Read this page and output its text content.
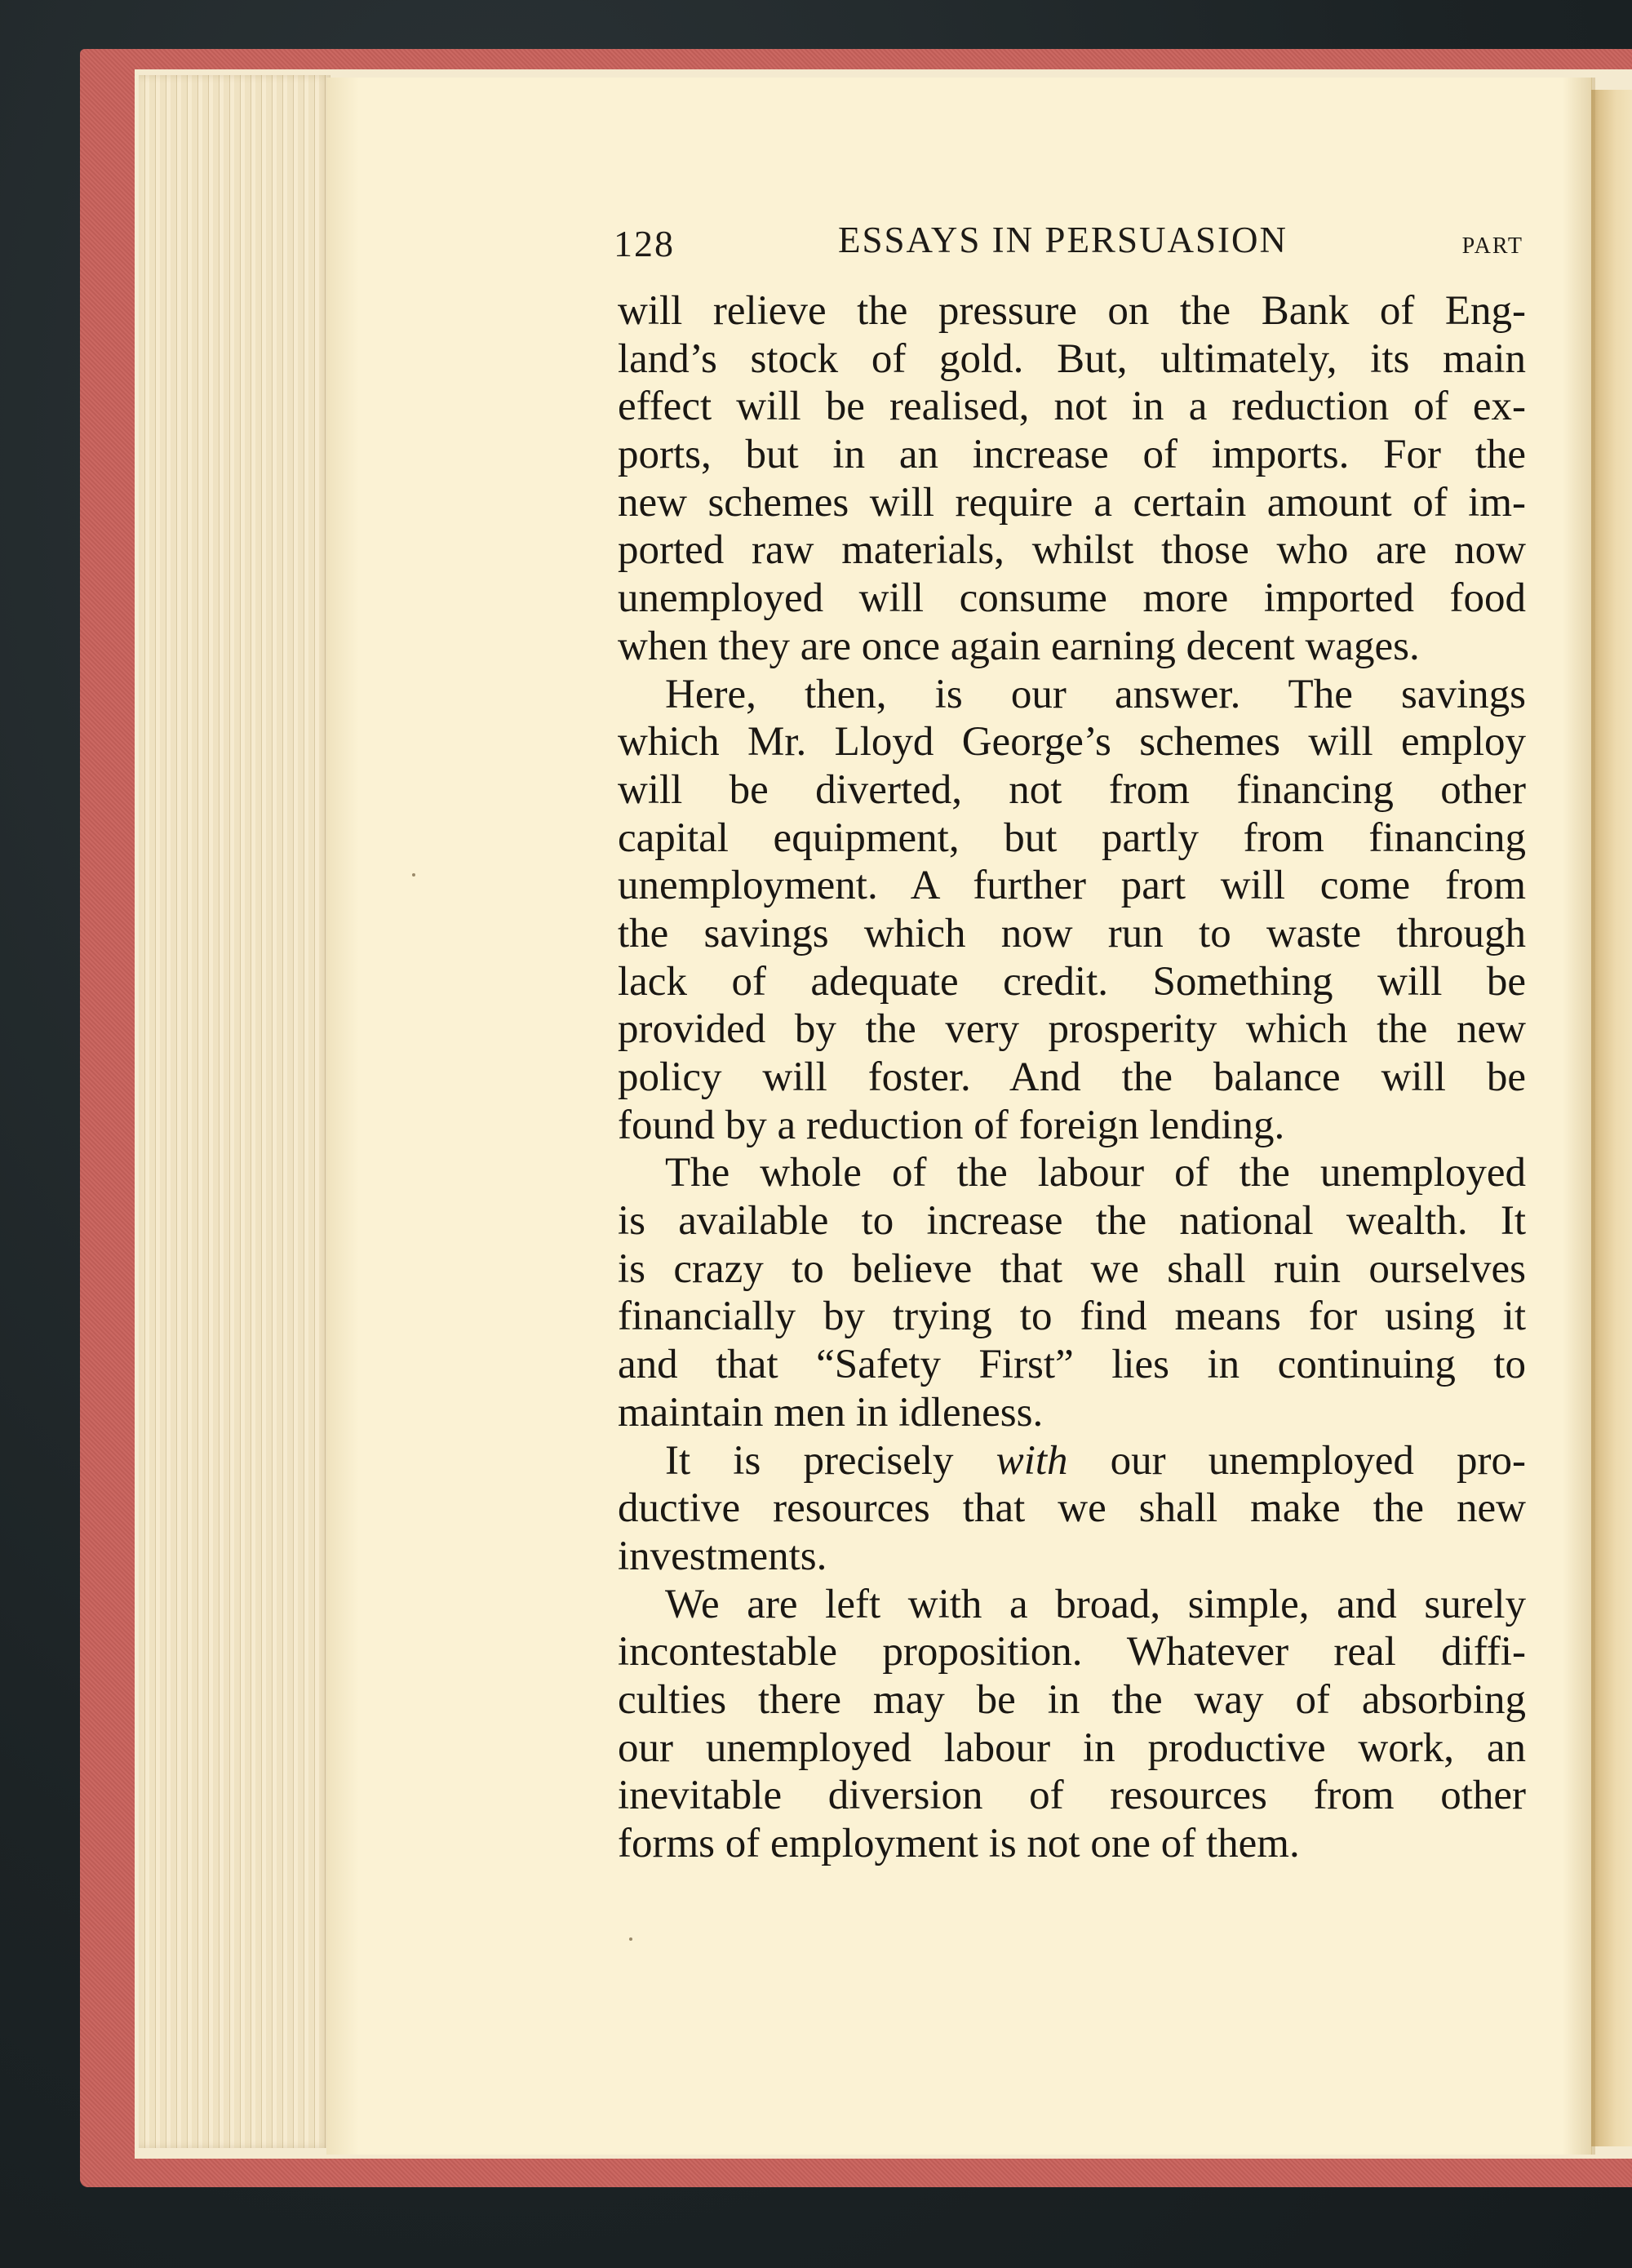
128	ESSAYS IN PERSUASION	PART
will relieve the pressure on the Bank of Eng-
land’s stock of gold. But, ultimately, its main
effect will be realised, not in a reduction of ex-
ports, but in an increase of imports. For the
new schemes will require a certain amount of im-
ported raw materials, whilst those who are now
unemployed will consume more imported food
when they are once again earning decent wages.
Here, then, is our answer. The savings
which Mr. Lloyd George’s schemes will employ
will be diverted, not from financing other
capital equipment, but partly from financing
unemployment. A further part will come from
the savings which now run to waste through
lack of adequate credit. Something will be
provided by the very prosperity which the new
policy will foster. And the balance will be
found by a reduction of foreign lending.
The whole of the labour of the unemployed
is available to increase the national wealth. It
is crazy to believe that we shall ruin ourselves
financially by trying to find means for using it
and that “Safety First” lies in continuing to
maintain men in idleness.
It is precisely with our unemployed pro-
ductive resources that we shall make the new
investments.
We are left with a broad, simple, and surely
incontestable proposition. Whatever real diffi-
culties there may be in the way of absorbing
our unemployed labour in productive work, an
inevitable diversion of resources from other
forms of employment is not one of them.
